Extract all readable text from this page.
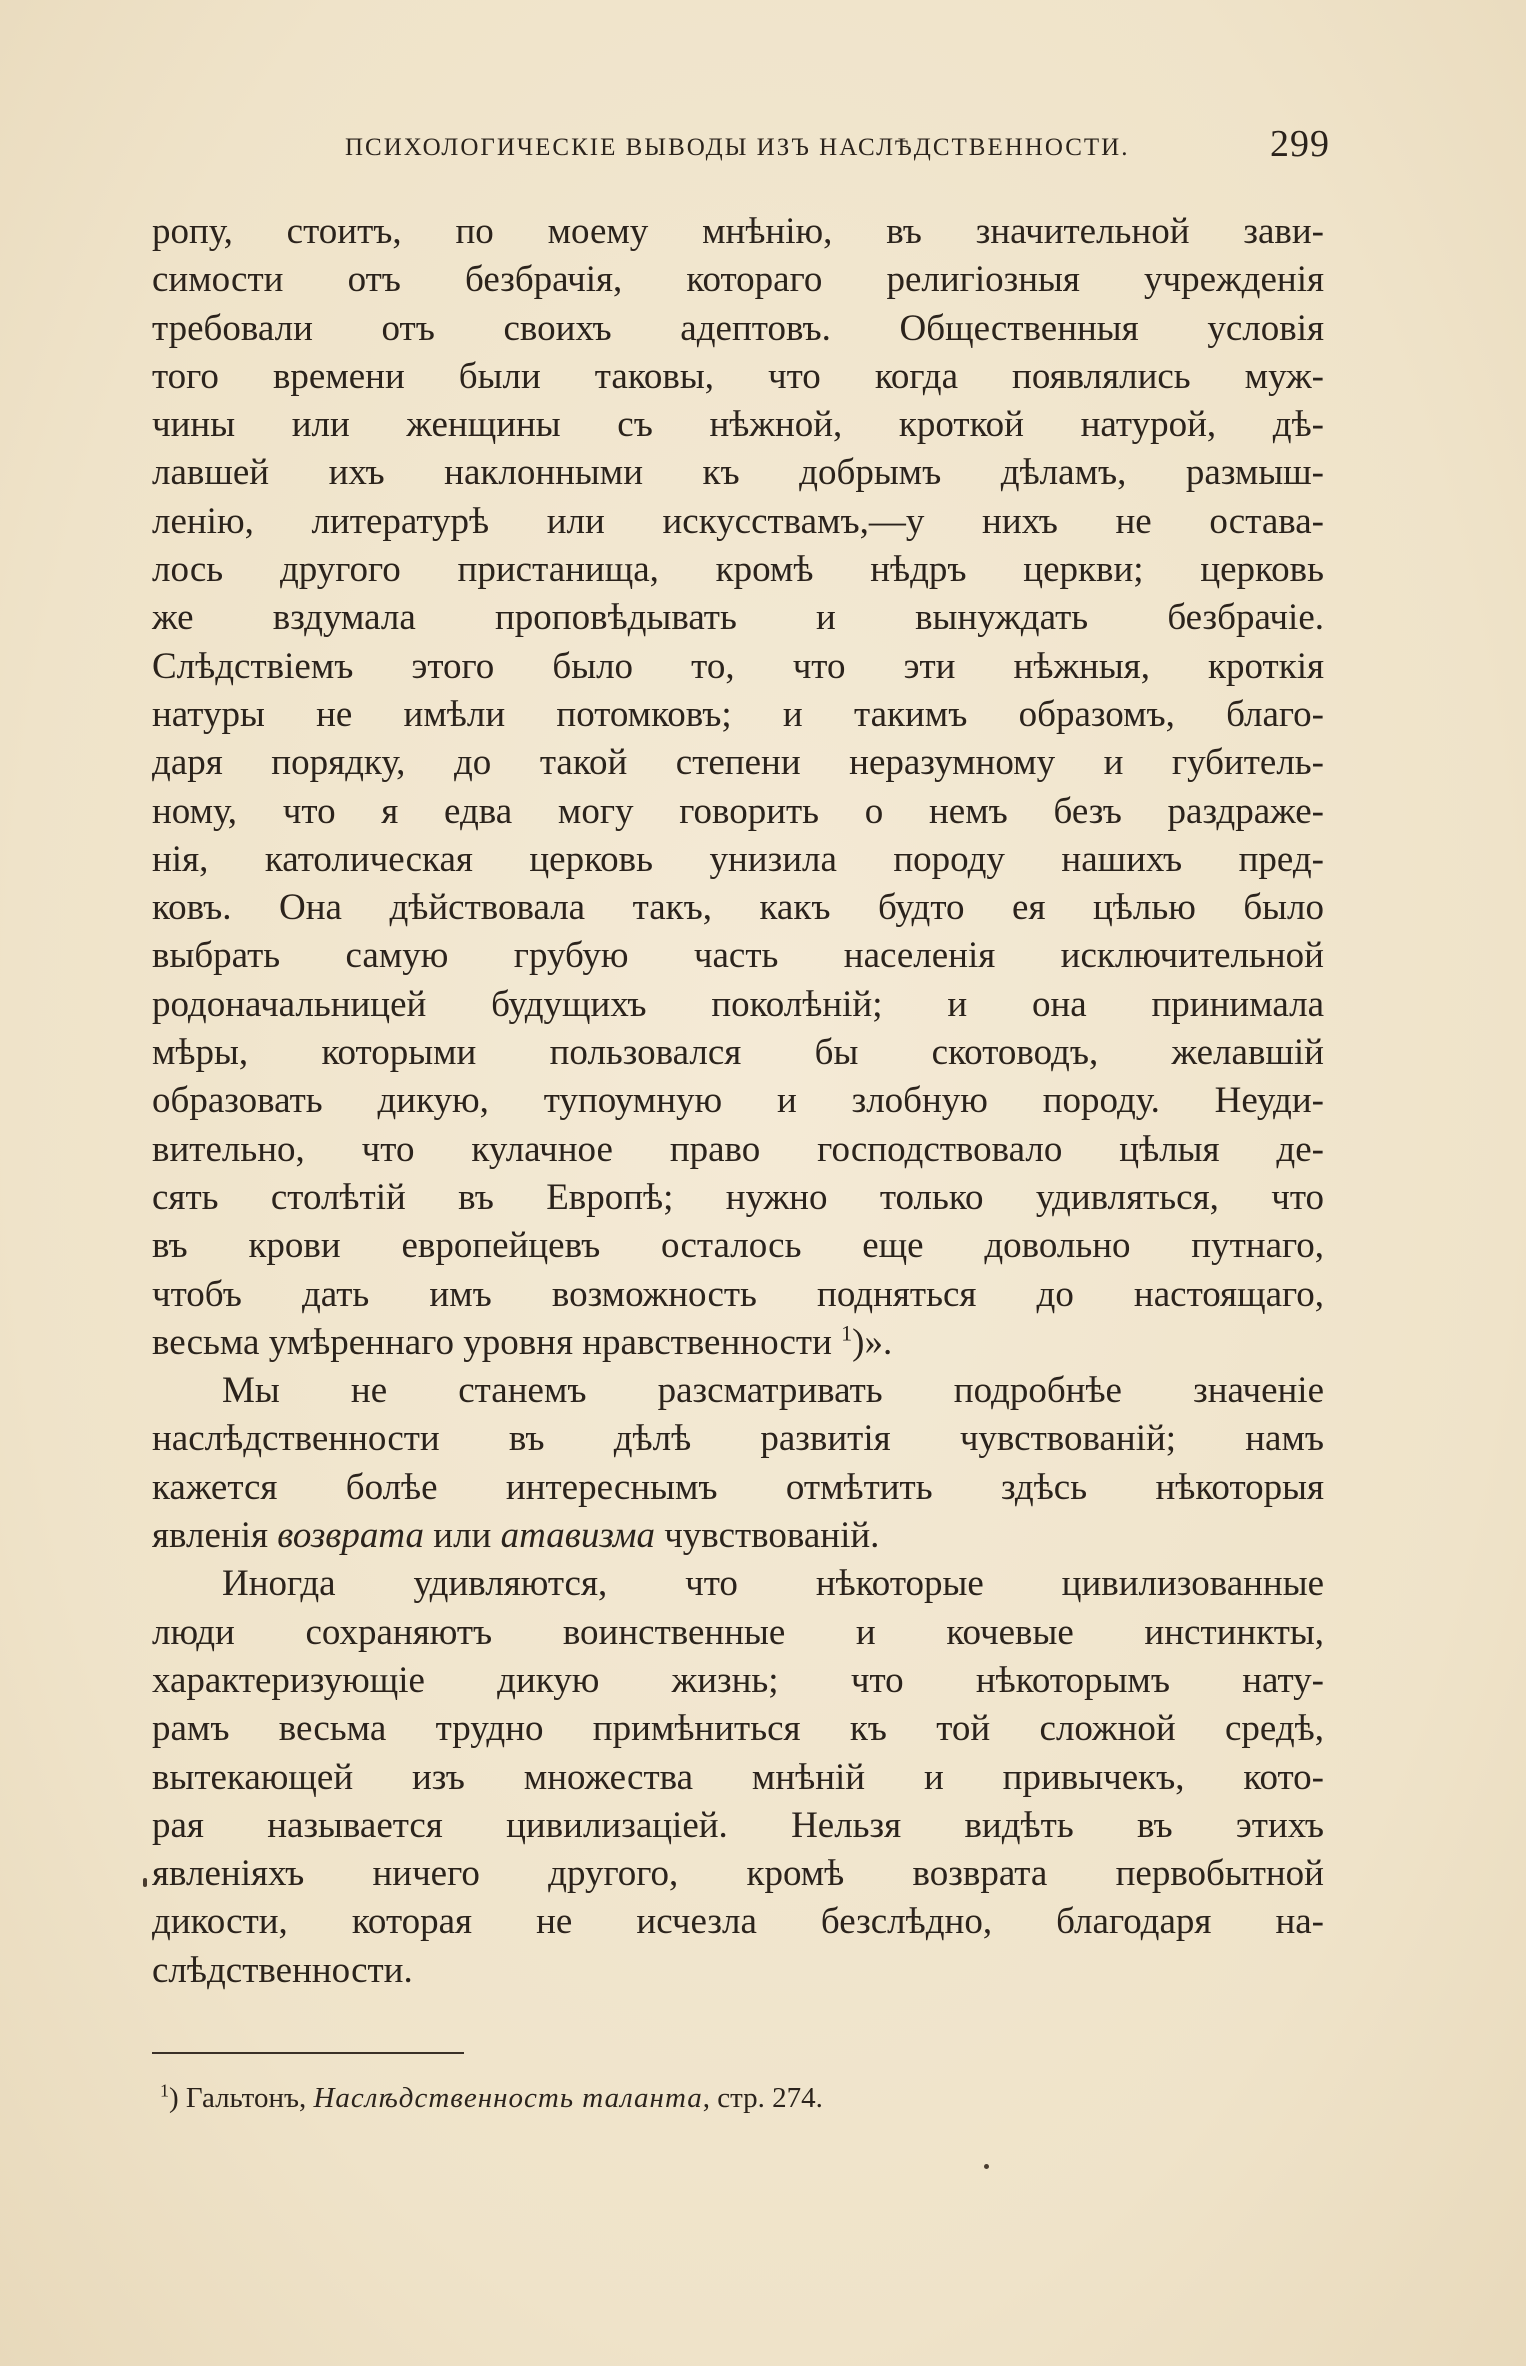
ПСИХОЛОГИЧЕСКІЕ ВЫВОДЫ ИЗЪ НАСЛѢДСТВЕННОСТИ.	299
ропу, стоитъ, по моему мнѣнію, въ значительной зави-
симости отъ безбрачія, котораго религіозныя учрежденія
требовали отъ своихъ адептовъ. Общественныя условія
того времени были таковы, что когда появлялись муж-
чины или женщины съ нѣжной, кроткой натурой, дѣ-
лавшей ихъ наклонными къ добрымъ дѣламъ, размыш-
ленію, литературѣ или искусствамъ,—у нихъ не остава-
лось другого пристанища, кромѣ нѣдръ церкви; церковь
же вздумала проповѣдывать и вынуждать безбрачіе.
Слѣдствіемъ этого было то, что эти нѣжныя, кроткія
натуры не имѣли потомковъ; и такимъ образомъ, благо-
даря порядку, до такой степени неразумному и губитель-
ному, что я едва могу говорить о немъ безъ раздраже-
нія, католическая церковь унизила породу нашихъ пред-
ковъ. Она дѣйствовала такъ, какъ будто ея цѣлью было
выбрать самую грубую часть населенія исключительной
родоначальницей будущихъ поколѣній; и она принимала
мѣры, которыми пользовался бы скотоводъ, желавшій
образовать дикую, тупоумную и злобную породу. Неуди-
вительно, что кулачное право господствовало цѣлыя де-
сять столѣтій въ Европѣ; нужно только удивляться, что
въ крови европейцевъ осталось еще довольно путнаго,
чтобъ дать имъ возможность подняться до настоящаго,
весьма умѣреннаго уровня нравственности $^1$)».
Мы не станемъ разсматривать подробнѣе значеніе
наслѣдственности въ дѣлѣ развитія чувствованій; намъ
кажется болѣе интереснымъ отмѣтить здѣсь нѣкоторыя
явленія возврата или атавизма чувствованій.
Иногда удивляются, что нѣкоторые цивилизованные
люди сохраняютъ воинственные и кочевые инстинкты,
характеризующіе дикую жизнь; что нѣкоторымъ нату-
рамъ весьма трудно примѣниться къ той сложной средѣ,
вытекающей изъ множества мнѣній и привычекъ, кото-
рая называется цивилизаціей. Нельзя видѣть въ этихъ
явленіяхъ ничего другого, кромѣ возврата первобытной
дикости, которая не исчезла безслѣдно, благодаря на-
слѣдственности.
$^1$) Гальтонъ, Наслѣдственность таланта, стр. 274.
